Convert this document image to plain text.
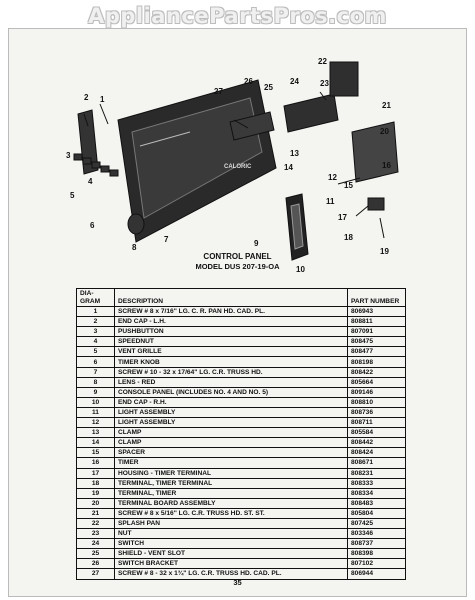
AppliancePartsPros.com
1
2
3
4
5
6
7
8	9
10
11
12
13
14
15
16
17
18
19
20
21
22
23
24
25
26
27
CALORIC
CONTROL PANEL
MODEL DUS 207-19-OA
DIA-
GRAM	DESCRIPTION	PART NUMBER
1	SCREW # 8 x 7/16" LG. C. R. PAN HD. CAD. PL.	806943
2	END CAP - L.H.	808811
3	PUSHBUTTON	807091
4	SPEEDNUT	808475
5	VENT GRILLE	808477
6	TIMER KNOB	808198
7	SCREW # 10 - 32 x 17/64" LG. C.R. TRUSS HD.	808422
8	LENS - RED	805664
9	CONSOLE PANEL (INCLUDES NO. 4 AND NO. 5)	809146
10	END CAP - R.H.	808810
11	LIGHT ASSEMBLY	808736
12	LIGHT ASSEMBLY	808711
13	CLAMP	805584
14	CLAMP	808442
15	SPACER	808424
16	TIMER	808671
17	HOUSING - TIMER TERMINAL	808231
18	TERMINAL, TIMER TERMINAL	808333
19	TERMINAL, TIMER	808334
20	TERMINAL BOARD ASSEMBLY	808483
21	SCREW # 8 x 5/16" LG. C.R. TRUSS HD. ST. ST.	805804
22	SPLASH PAN	807425
23	NUT	803346
24	SWITCH	808737
25	SHIELD - VENT SLOT	808398
26	SWITCH BRACKET	807102
27	SCREW # 8 - 32 x 1¾" LG. C.R. TRUSS HD. CAD. PL.	806944
35
